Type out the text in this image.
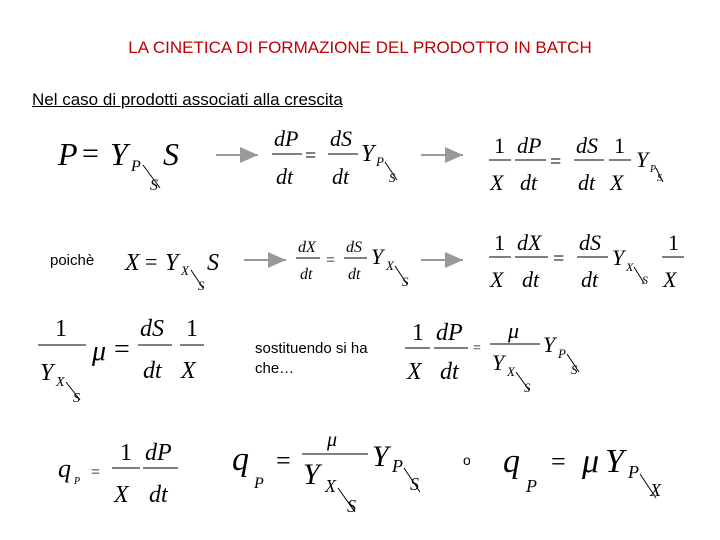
LA CINETICA DI FORMAZIONE DEL PRODOTTO IN BATCH
Nel caso di prodotti associati alla crescita
poichè
sostituendo si ha che…
o
P = Y P
S
S	dP
dt
=
dS
dt
Y P
S
1
X
dP
dt
=
dS
dt
1
X
Y P
S
X = Y X
S
S
dX
dt
=
dS
dt
Y X
S
1
X
dX
dt
=
dS
dt
Y X
S
1
X
1
Y X
S
μ =
dS
dt
1
X
1
X
dP
dt
=
μ
Y X
S
Y P
S
q P
=
1
X
dP
dt
q
P
=
μ
Y X
S
Y P
S
q
P
= μ Y P
X
